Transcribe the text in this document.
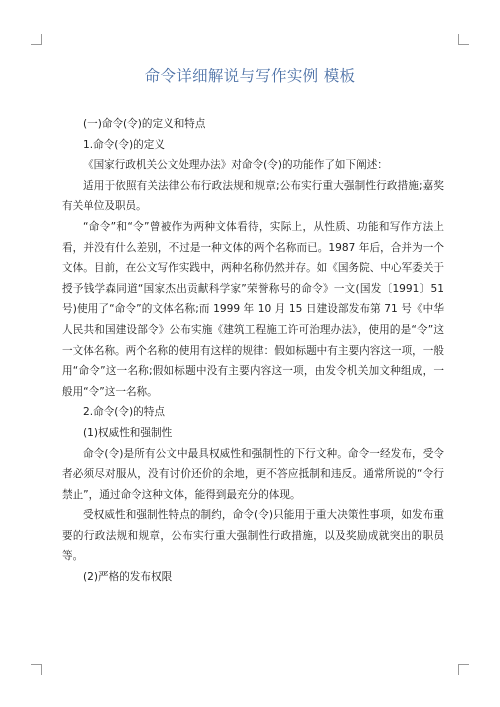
命令详细解说与写作实例 模板

(一)命令(令)的定义和特点

1.命令(令)的定义

《国家行政机关公文处理办法》对命令(令)的功能作了如下阐述：

适用于依照有关法律公布行政法规和规章;公布实行重大强制性行政措施;嘉奖有关单位及职员。

“命令”和“令”曾被作为两种文体看待，实际上，从性质、功能和写作方法上看，并没有什么差别，不过是一种文体的两个名称而已。1987 年后，合并为一个文体。目前，在公文写作实践中，两种名称仍然并存。如《国务院、中心军委关于授予钱学森同道“国家杰出贡献科学家”荣誉称号的命令》一文(国发〔1991〕51 号)使用了“命令”的文体名称;而 1999 年 10 月 15 日建设部发布第 71 号《中华人民共和国建设部令》公布实施《建筑工程施工许可治理办法》，使用的是“令”这一文体名称。两个名称的使用有这样的规律：假如标题中有主要内容这一项，一般用“命令”这一名称;假如标题中没有主要内容这一项，由发令机关加文种组成，一般用“令”这一名称。

2.命令(令)的特点

(1)权威性和强制性

命令(令)是所有公文中最具权威性和强制性的下行文种。命令一经发布，受令者必须尽对服从，没有讨价还价的余地，更不答应抵制和违反。通常所说的“令行禁止”，通过命令这种文体，能得到最充分的体现。

受权威性和强制性特点的制约，命令(令)只能用于重大决策性事项，如发布重要的行政法规和规章，公布实行重大强制性行政措施，以及奖励成就突出的职员等。

(2)严格的发布权限
